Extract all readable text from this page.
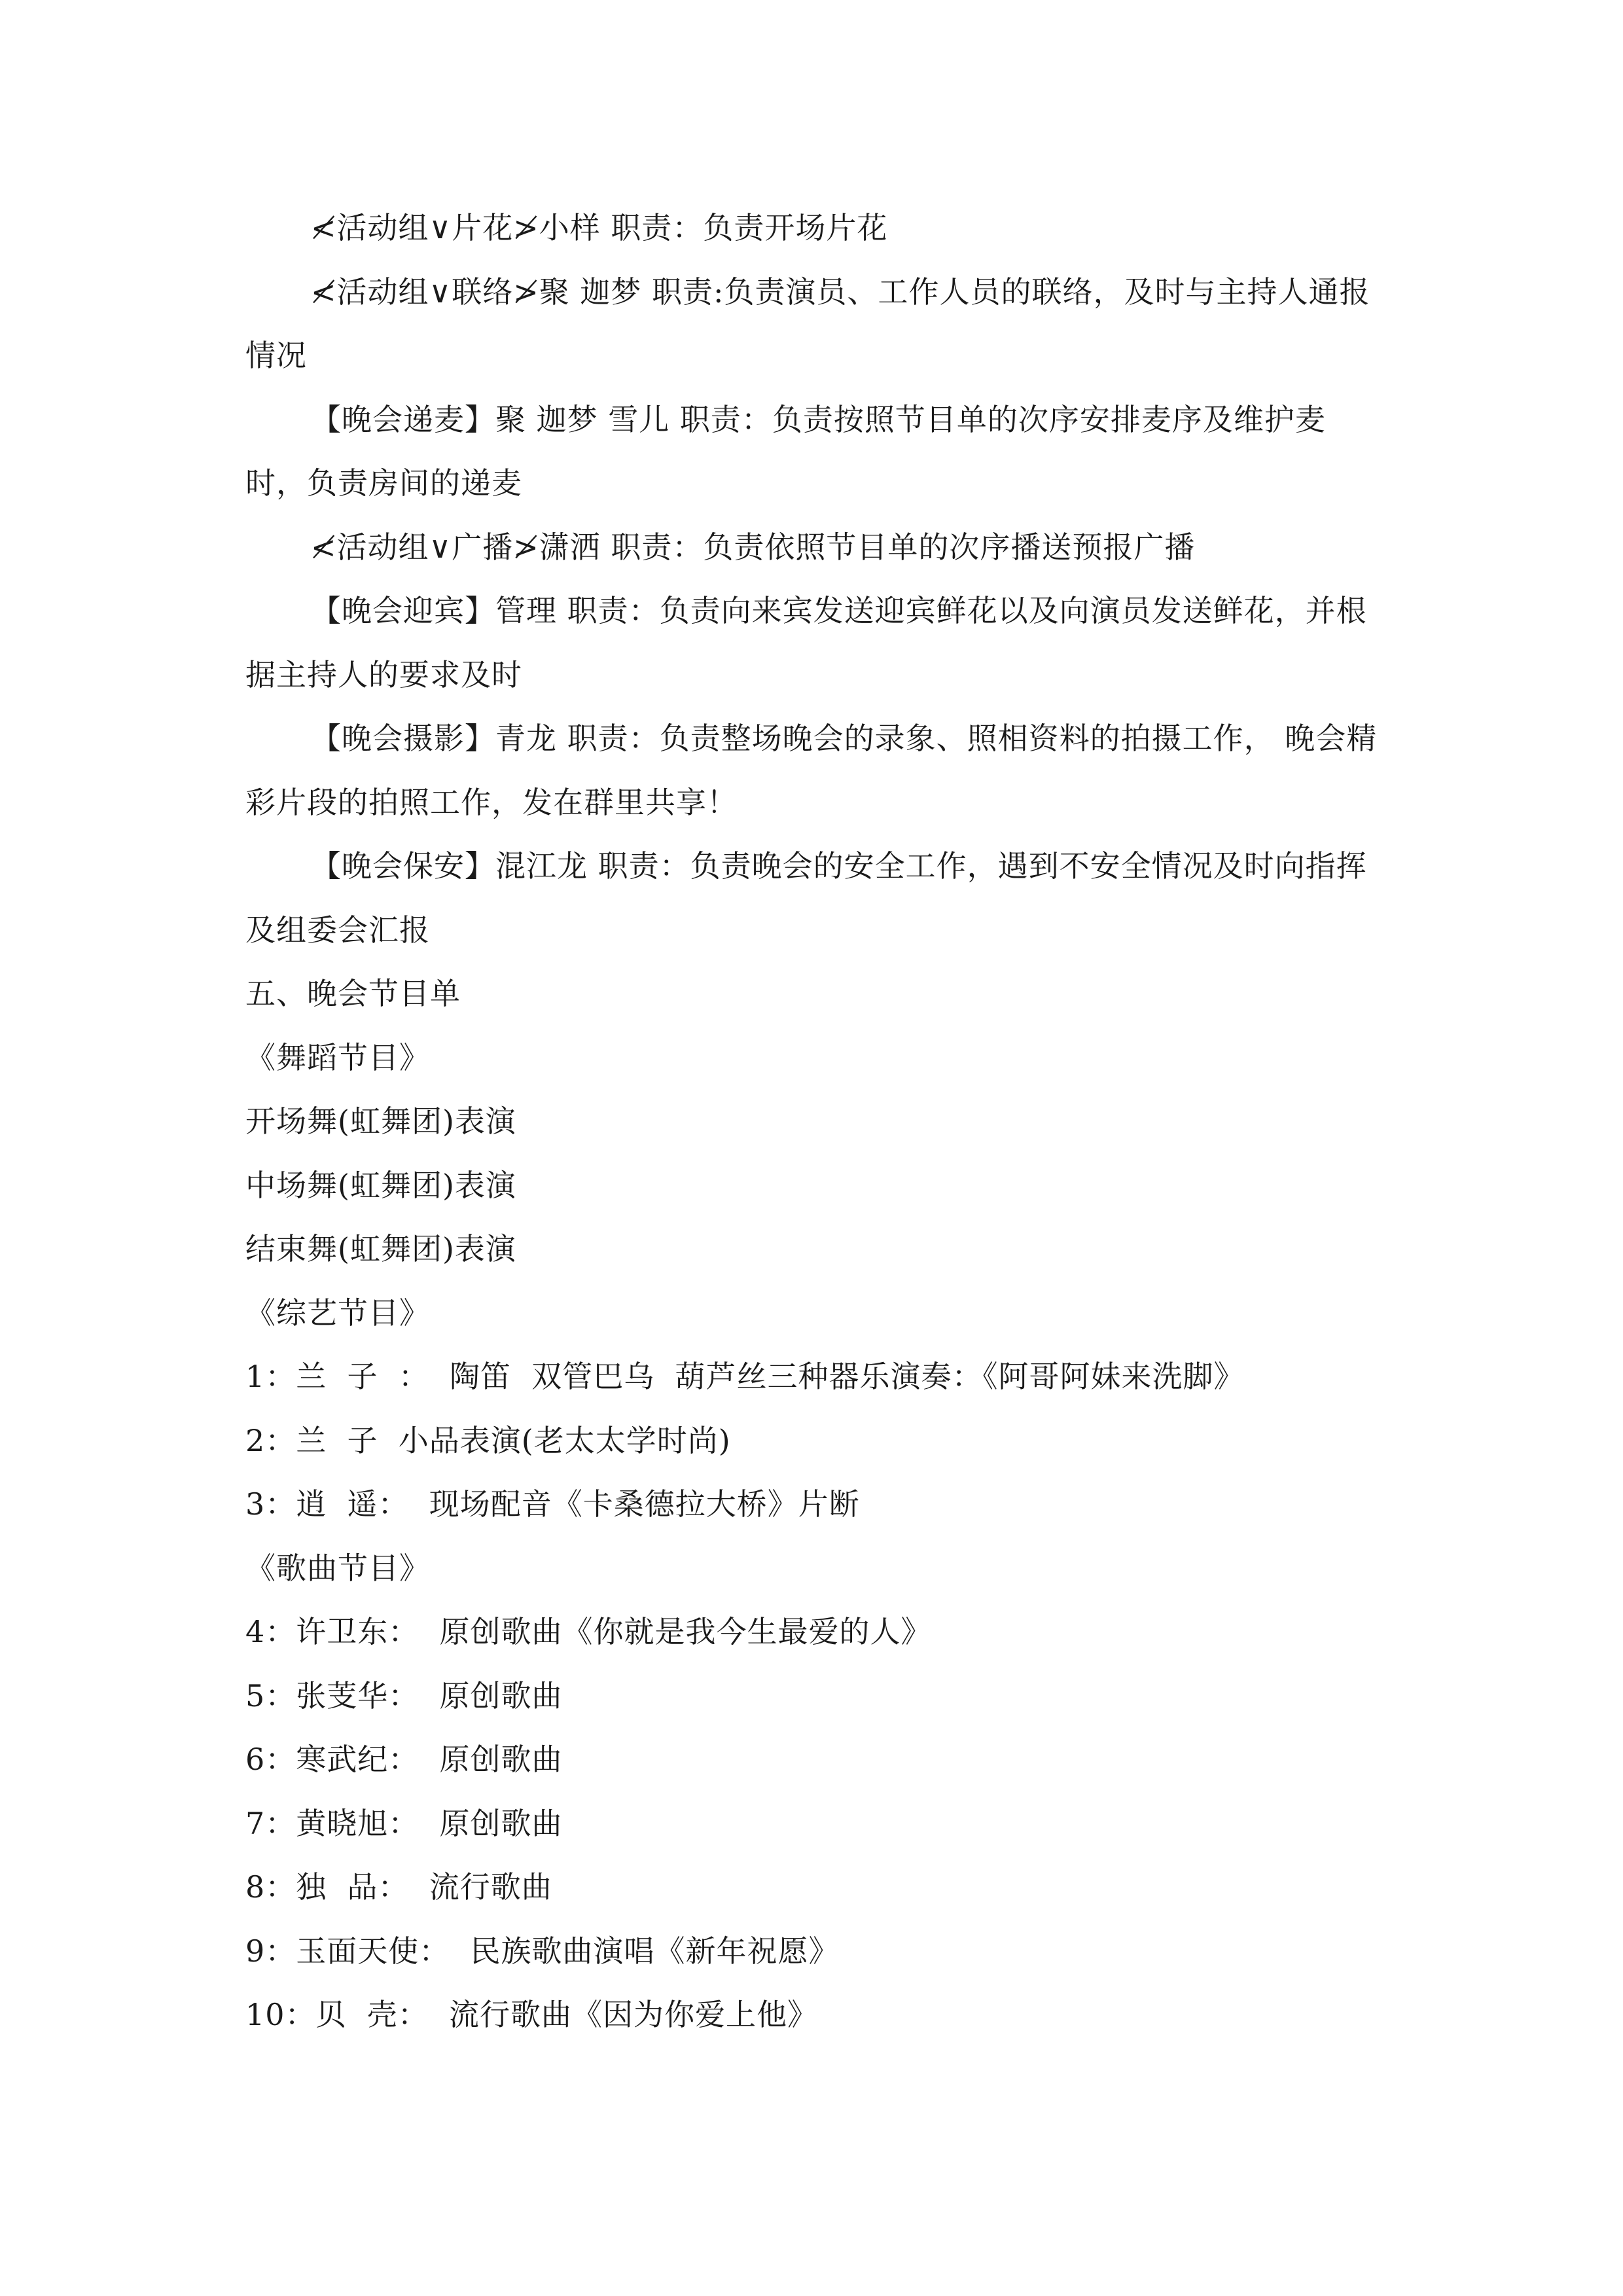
≮活动组∨片花≯小样 职责：负责开场片花

≮活动组∨联络≯聚 迦梦 职责:负责演员、工作人员的联络，及时与主持人通报情况

【晚会递麦】聚 迦梦 雪儿 职责：负责按照节目单的次序安排麦序及维护麦时，负责房间的递麦

≮活动组∨广播≯潇洒 职责：负责依照节目单的次序播送预报广播

【晚会迎宾】管理 职责：负责向来宾发送迎宾鲜花以及向演员发送鲜花，并根据主持人的要求及时

【晚会摄影】青龙 职责：负责整场晚会的录象、照相资料的拍摄工作， 晚会精彩片段的拍照工作，发在群里共享！

【晚会保安】混江龙 职责：负责晚会的安全工作，遇到不安全情况及时向指挥及组委会汇报

五、晚会节目单

《舞蹈节目》

开场舞(虹舞团)表演

中场舞(虹舞团)表演

结束舞(虹舞团)表演

《综艺节目》

1：兰  子  ：  陶笛  双管巴乌  葫芦丝三种器乐演奏：《阿哥阿妹来洗脚》

2：兰  子  小品表演(老太太学时尚)

3：逍  遥：  现场配音《卡桑德拉大桥》片断

《歌曲节目》

4：许卫东：  原创歌曲《你就是我今生最爱的人》

5：张芰华：  原创歌曲

6：寒武纪：  原创歌曲

7：黄晓旭：  原创歌曲

8：独  品：  流行歌曲

9：玉面天使：  民族歌曲演唱《新年祝愿》

10：贝  壳：  流行歌曲《因为你爱上他》
